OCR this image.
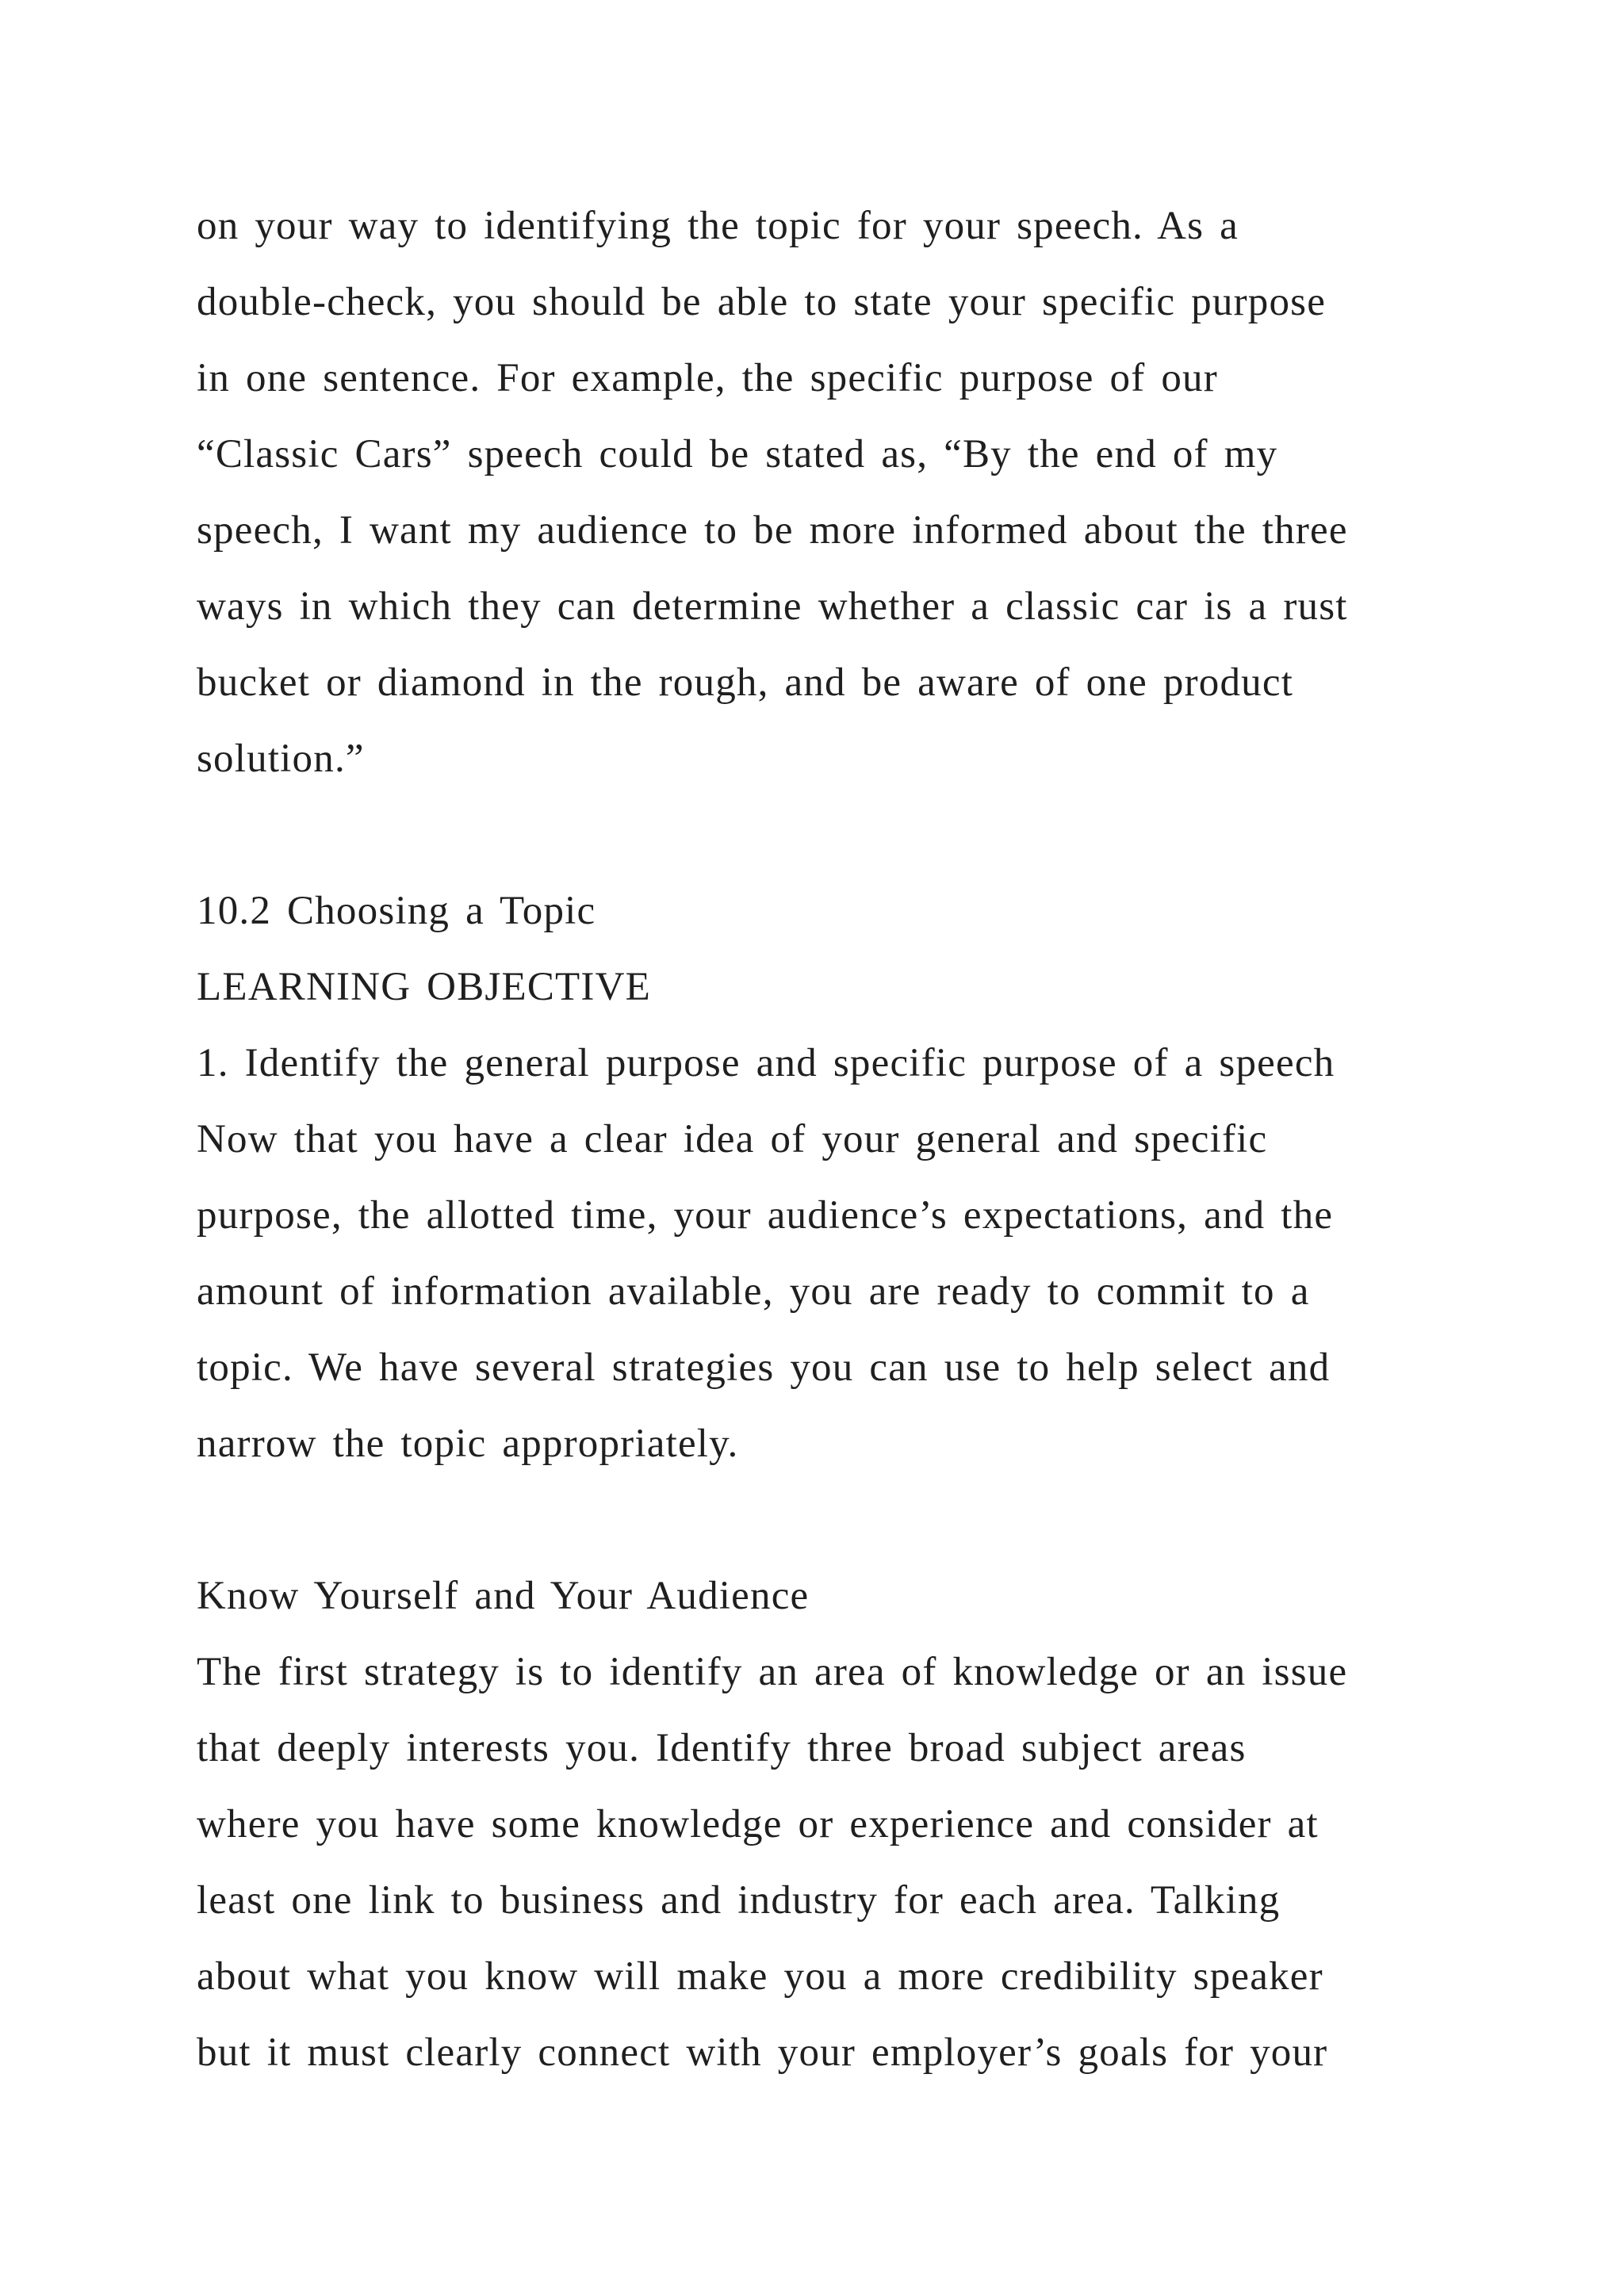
on your way to identifying the topic for your speech. As a
double-check, you should be able to state your specific purpose
in one sentence. For example, the specific purpose of our
“Classic Cars” speech could be stated as, “By the end of my
speech, I want my audience to be more informed about the three
ways in which they can determine whether a classic car is a rust
bucket or diamond in the rough, and be aware of one product
solution.”
10.2 Choosing a Topic
LEARNING OBJECTIVE
1. Identify the general purpose and specific purpose of a speech
Now that you have a clear idea of your general and specific
purpose, the allotted time, your audience’s expectations, and the
amount of information available, you are ready to commit to a
topic. We have several strategies you can use to help select and
narrow the topic appropriately.
Know Yourself and Your Audience
The first strategy is to identify an area of knowledge or an issue
that deeply interests you. Identify three broad subject areas
where you have some knowledge or experience and consider at
least one link to business and industry for each area. Talking
about what you know will make you a more credibility speaker
but it must clearly connect with your employer’s goals for your
